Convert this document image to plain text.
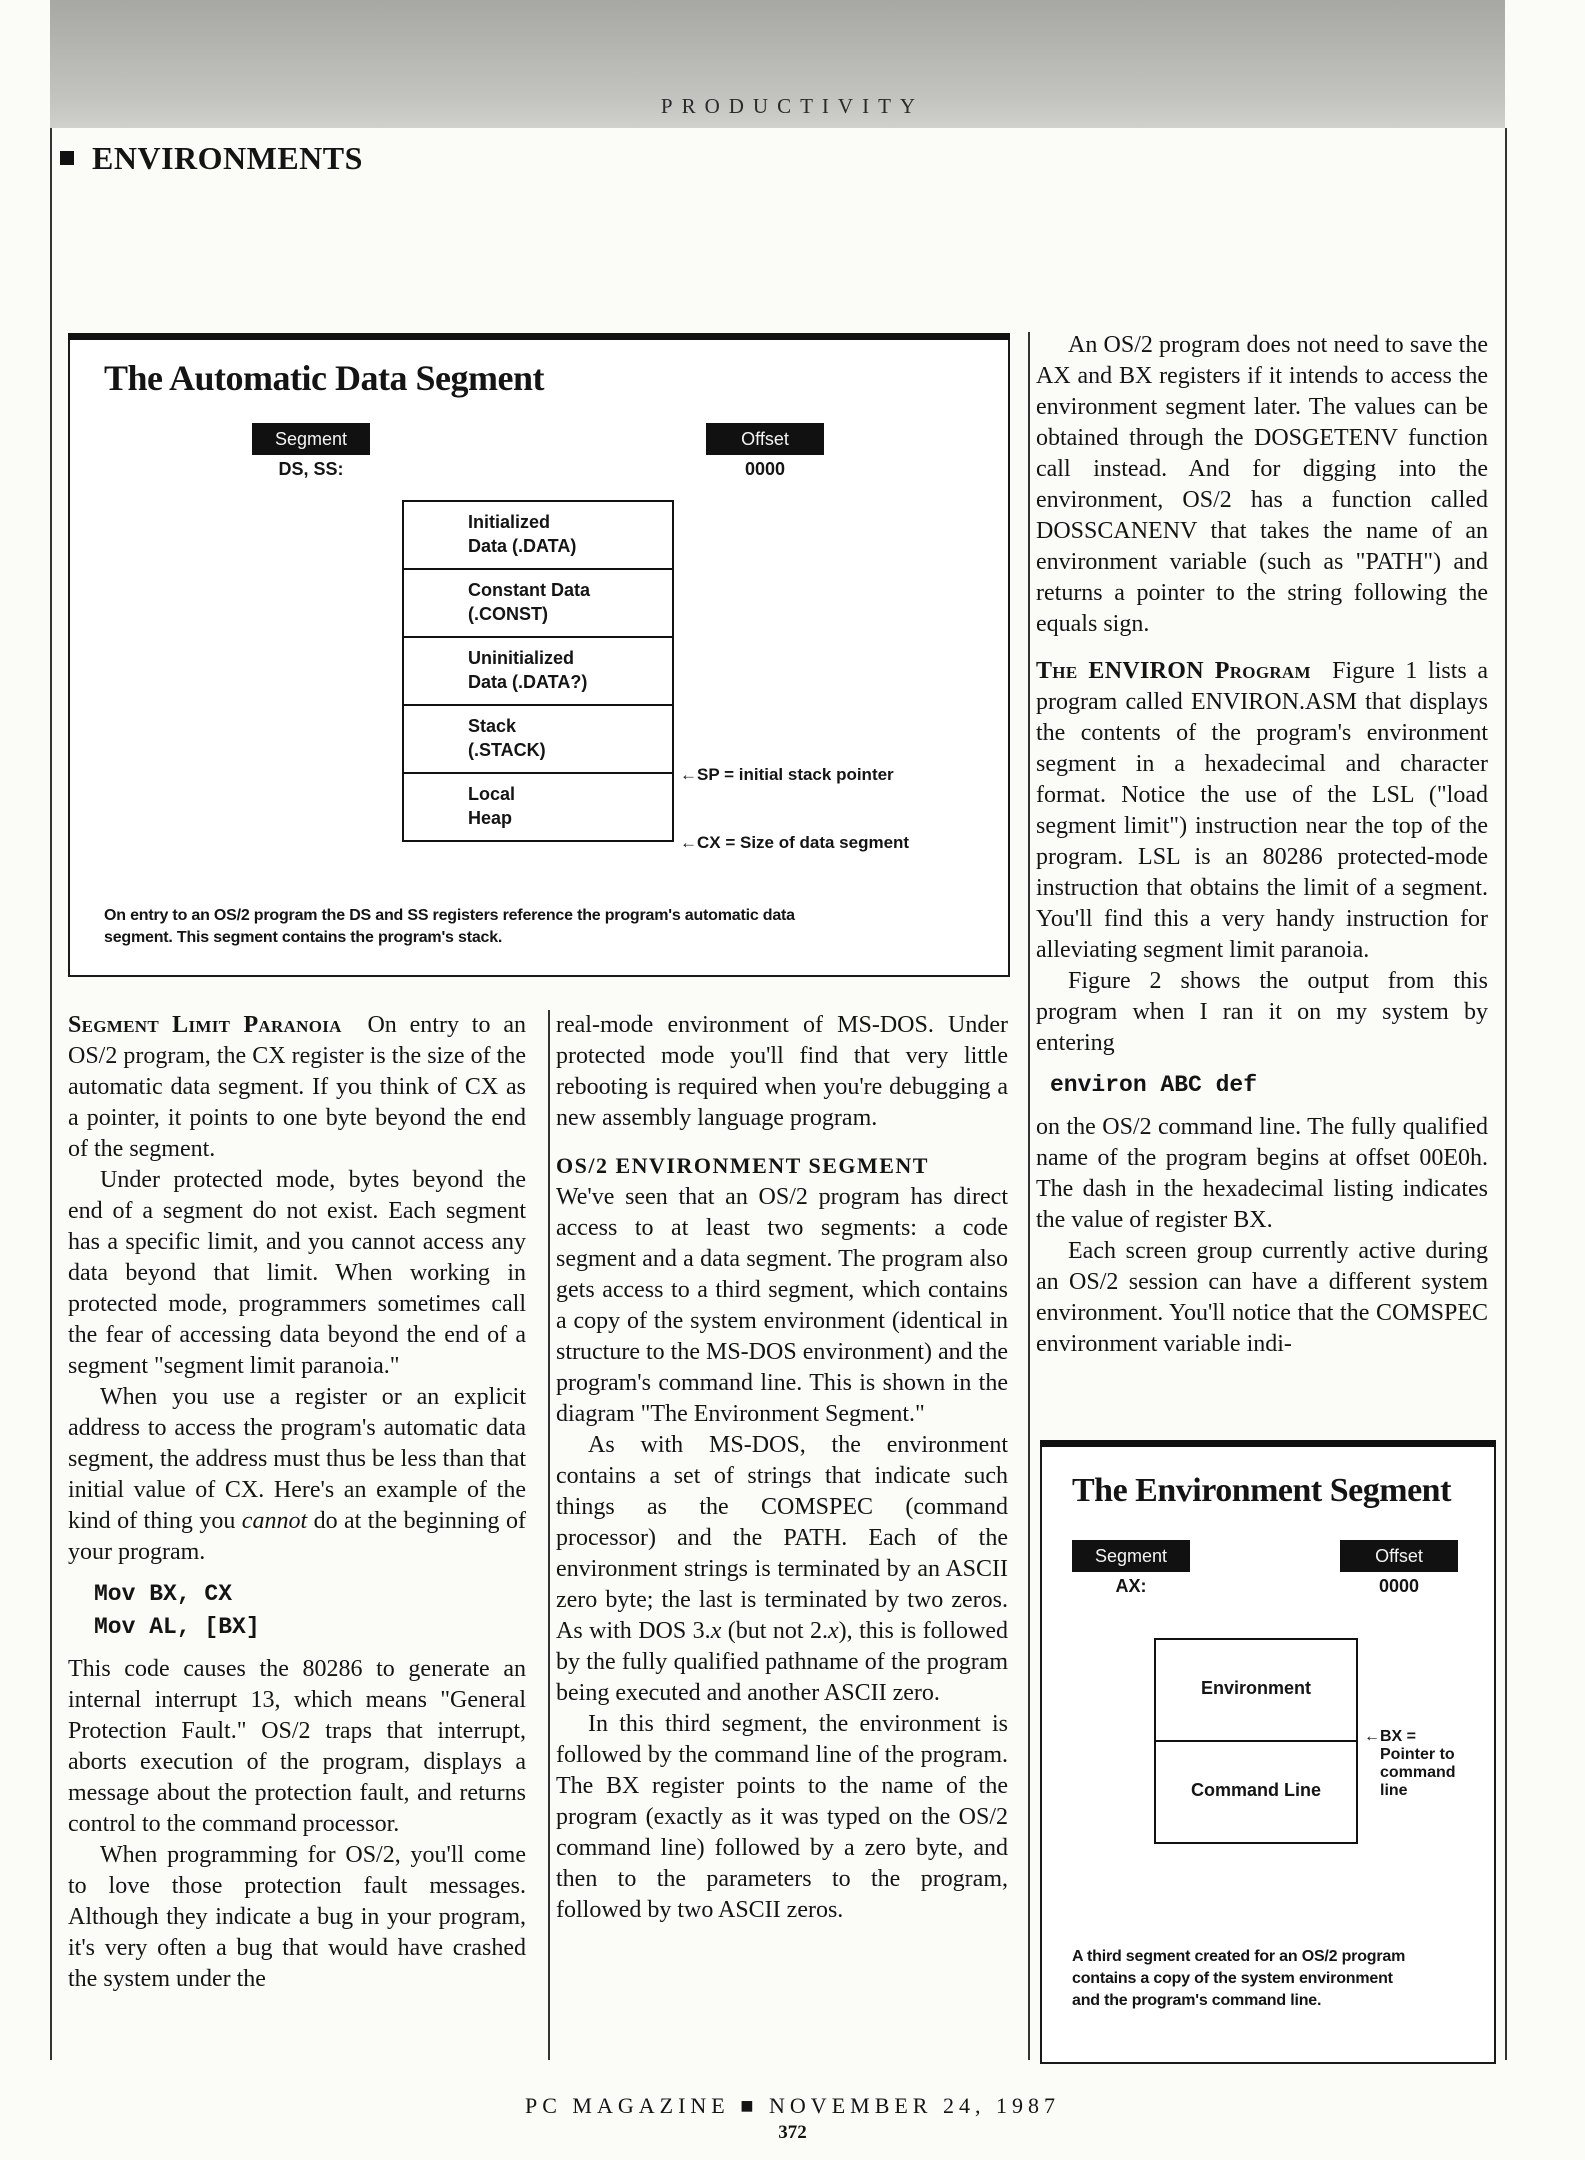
PRODUCTIVITY
ENVIRONMENTS
The Automatic Data Segment
Segment
DS, SS:
Offset
0000
Initialized
Data (.DATA)
Constant Data
(.CONST)
Uninitialized
Data (.DATA?)
Stack
(.STACK)
Local
Heap
←SP = initial stack pointer
←CX = Size of data segment
On entry to an OS/2 program the DS and SS registers reference the program's automatic data
segment. This segment contains the program's stack.

Segment Limit Paranoia On entry to an OS/2 program, the CX register is the size of the automatic data segment. If you think of CX as a pointer, it points to one byte beyond the end of the segment.

Under protected mode, bytes beyond the end of a segment do not exist. Each segment has a specific limit, and you cannot access any data beyond that limit. When working in protected mode, programmers sometimes call the fear of accessing data beyond the end of a segment "segment limit paranoia."

When you use a register or an explicit address to access the program's automatic data segment, the address must thus be less than that initial value of CX. Here's an example of the kind of thing you cannot do at the beginning of your program.

Mov BX, CX
Mov AL, [BX]

This code causes the 80286 to generate an internal interrupt 13, which means "General Protection Fault." OS/2 traps that interrupt, aborts execution of the program, displays a message about the protection fault, and returns control to the command processor.

When programming for OS/2, you'll come to love those protection fault messages. Although they indicate a bug in your program, it's very often a bug that would have crashed the system under the

real-mode environment of MS-DOS. Under protected mode you'll find that very little rebooting is required when you're debugging a new assembly language program.

OS/2 ENVIRONMENT SEGMENT

We've seen that an OS/2 program has direct access to at least two segments: a code segment and a data segment. The program also gets access to a third segment, which contains a copy of the system environment (identical in structure to the MS-DOS environment) and the program's command line. This is shown in the diagram "The Environment Segment."

As with MS-DOS, the environment contains a set of strings that indicate such things as the COMSPEC (command processor) and the PATH. Each of the environment strings is terminated by an ASCII zero byte; the last is terminated by two zeros. As with DOS 3.x (but not 2.x), this is followed by the fully qualified pathname of the program being executed and another ASCII zero.

In this third segment, the environment is followed by the command line of the program. The BX register points to the name of the program (exactly as it was typed on the OS/2 command line) followed by a zero byte, and then to the parameters to the program, followed by two ASCII zeros.

An OS/2 program does not need to save the AX and BX registers if it intends to access the environment segment later. The values can be obtained through the DOSGETENV function call instead. And for digging into the environment, OS/2 has a function called DOSSCANENV that takes the name of an environment variable (such as "PATH") and returns a pointer to the string following the equals sign.

The ENVIRON Program Figure 1 lists a program called ENVIRON.ASM that displays the contents of the program's environment segment in a hexadecimal and character format. Notice the use of the LSL ("load segment limit") instruction near the top of the program. LSL is an 80286 protected-mode instruction that obtains the limit of a segment. You'll find this a very handy instruction for alleviating segment limit paranoia.

Figure 2 shows the output from this program when I ran it on my system by entering

environ ABC def

on the OS/2 command line. The fully qualified name of the program begins at offset 00E0h. The dash in the hexadecimal listing indicates the value of register BX.

Each screen group currently active during an OS/2 session can have a different system environment. You'll notice that the COMSPEC environment variable indi-

The Environment Segment
Segment
AX:
Offset
0000
Environment
Command Line
←BX =
Pointer to
command
line
A third segment created for an OS/2 program
contains a copy of the system environment
and the program's command line.
PC MAGAZINE ■ NOVEMBER 24, 1987
372
